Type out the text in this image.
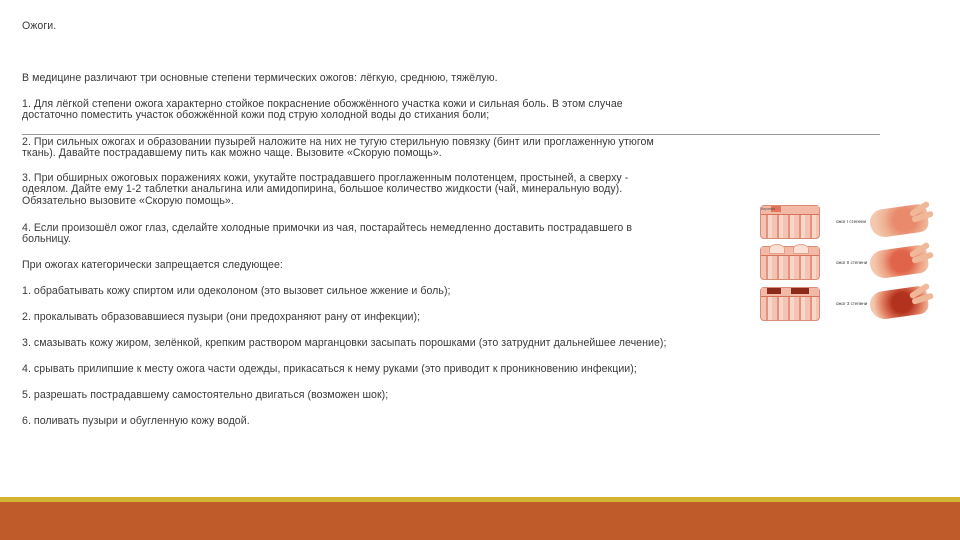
Ожоги.
В медицине различают три основные степени термических ожогов: лёгкую, среднюю, тяжёлую.
1. Для лёгкой степени ожога характерно стойкое покраснение обожжённого участка кожи и сильная боль. В этом случае
достаточно поместить участок обожжённой кожи под струю холодной воды до стихания боли;
2. При сильных ожогах и образовании пузырей наложите на них не тугую стерильную повязку (бинт или проглаженную утюгом
ткань). Давайте пострадавшему пить как можно чаще. Вызовите «Скорую помощь».
3. При обширных ожоговых поражениях кожи, укутайте пострадавшего проглаженным полотенцем, простыней, а сверху -
одеялом. Дайте ему 1-2 таблетки анальгина или амидопирина, большое количество жидкости (чай, минеральную воду).
Обязательно вызовите «Скорую помощь».
4. Если произошёл ожог глаз, сделайте холодные примочки из чая, постарайтесь немедленно доставить пострадавшего в
больницу.
При ожогах категорически запрещается следующее:
1. обрабатывать кожу спиртом или одеколоном (это вызовет сильное жжение и боль);
2. прокалывать образовавшиеся пузыри (они предохраняют рану от инфекции);
3. смазывать кожу жиром, зелёнкой, крепким раствором марганцовки засыпать порошками (это затруднит дальнейшее лечение);
4. срывать прилипшие к месту ожога части одежды, прикасаться к нему руками (это приводит к проникновению инфекции);
5. разрешать пострадавшему самостоятельно двигаться (возможен шок);
6. поливать пузыри и обугленную кожу водой.
Верхний
ожог I степени
ожог II степени
ожог 3 степени
